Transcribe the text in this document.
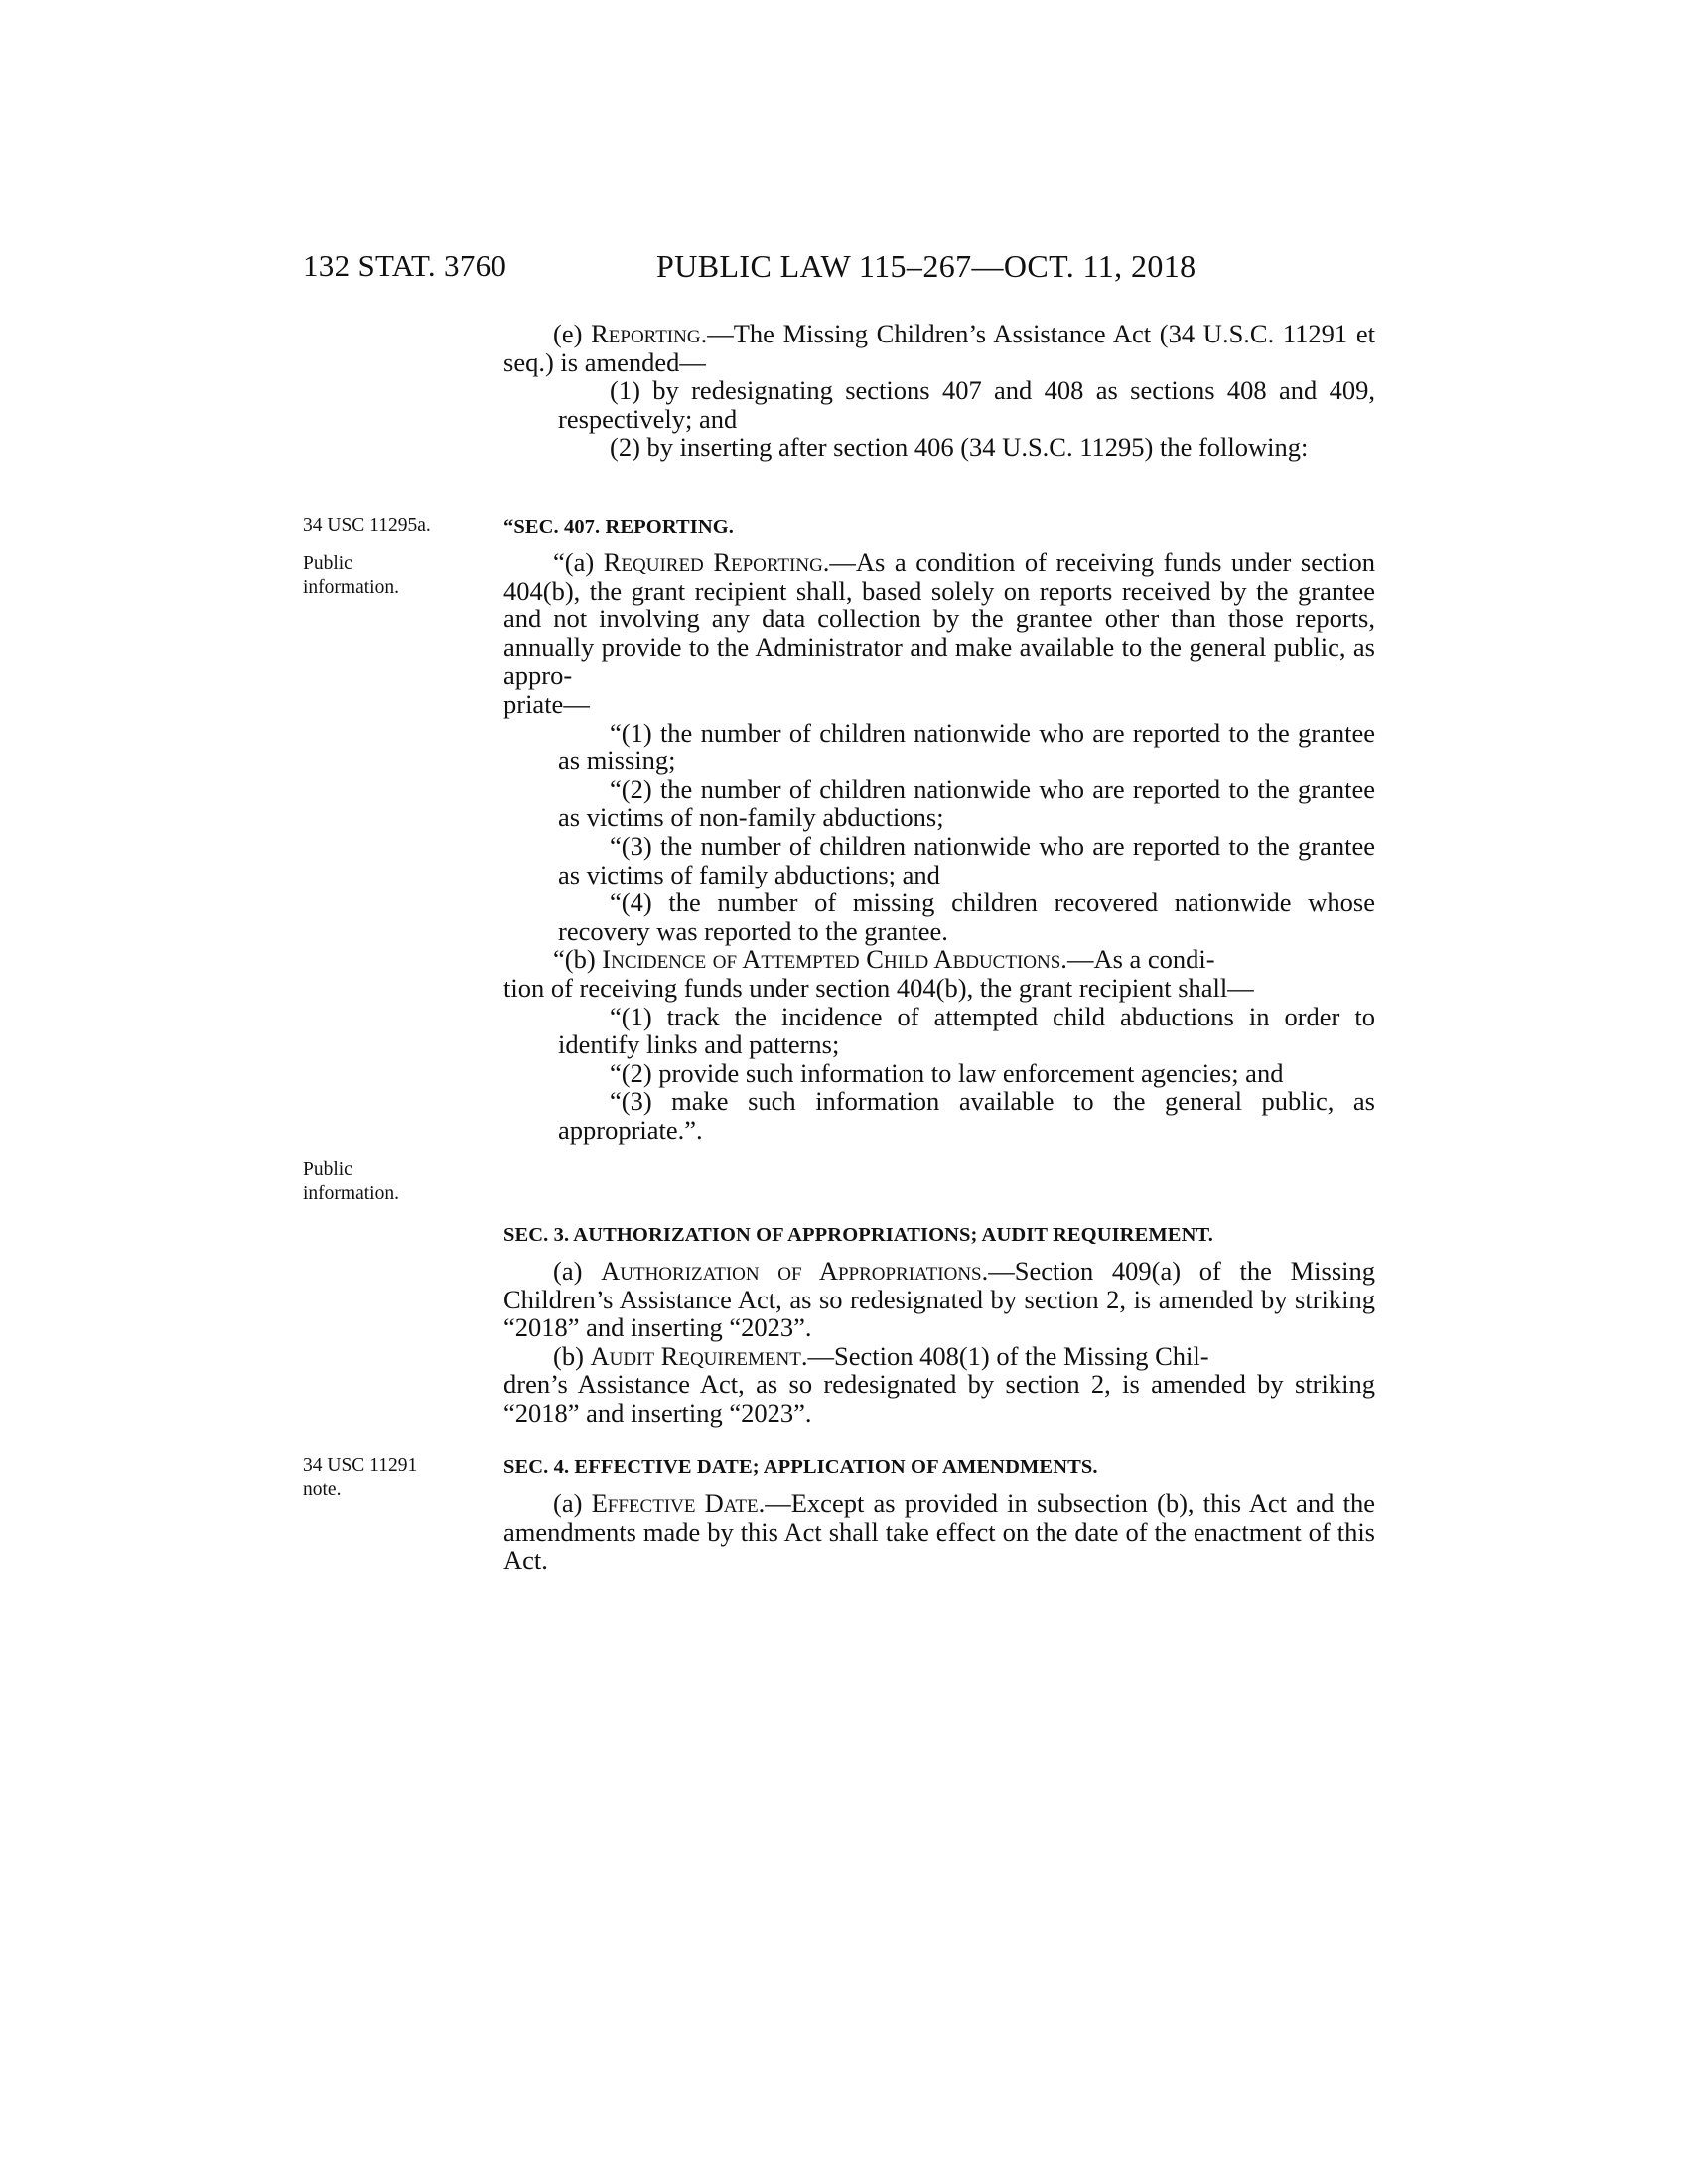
132 STAT. 3760	PUBLIC LAW 115–267—OCT. 11, 2018
34 USC 11295a.
Public
information.
Public
information.
34 USC 11291
note.

(e) Reporting.—The Missing Children’s Assistance Act (34 U.S.C. 11291 et seq.) is amended—

(1) by redesignating sections 407 and 408 as sections 408 and 409, respectively; and

(2) by inserting after section 406 (34 U.S.C. 11295) the following:

“SEC. 407. REPORTING.

“(a) Required Reporting.—As a condition of receiving funds under section 404(b), the grant recipient shall, based solely on reports received by the grantee and not involving any data collection by the grantee other than those reports, annually provide to the Administrator and make available to the general public, as appro-
priate—

“(1) the number of children nationwide who are reported to the grantee as missing;

“(2) the number of children nationwide who are reported to the grantee as victims of non-family abductions;

“(3) the number of children nationwide who are reported to the grantee as victims of family abductions; and

“(4) the number of missing children recovered nationwide whose recovery was reported to the grantee.

“(b) Incidence of Attempted Child Abductions.—As a condi-
tion of receiving funds under section 404(b), the grant recipient shall—

“(1) track the incidence of attempted child abductions in order to identify links and patterns;

“(2) provide such information to law enforcement agencies; and

“(3) make such information available to the general public, as appropriate.”.

SEC. 3. AUTHORIZATION OF APPROPRIATIONS; AUDIT REQUIREMENT.

(a) Authorization of Appropriations.—Section 409(a) of the Missing Children’s Assistance Act, as so redesignated by section 2, is amended by striking “2018” and inserting “2023”.

(b) Audit Requirement.—Section 408(1) of the Missing Chil-
dren’s Assistance Act, as so redesignated by section 2, is amended by striking “2018” and inserting “2023”.

SEC. 4. EFFECTIVE DATE; APPLICATION OF AMENDMENTS.

(a) Effective Date.—Except as provided in subsection (b), this Act and the amendments made by this Act shall take effect on the date of the enactment of this Act.
